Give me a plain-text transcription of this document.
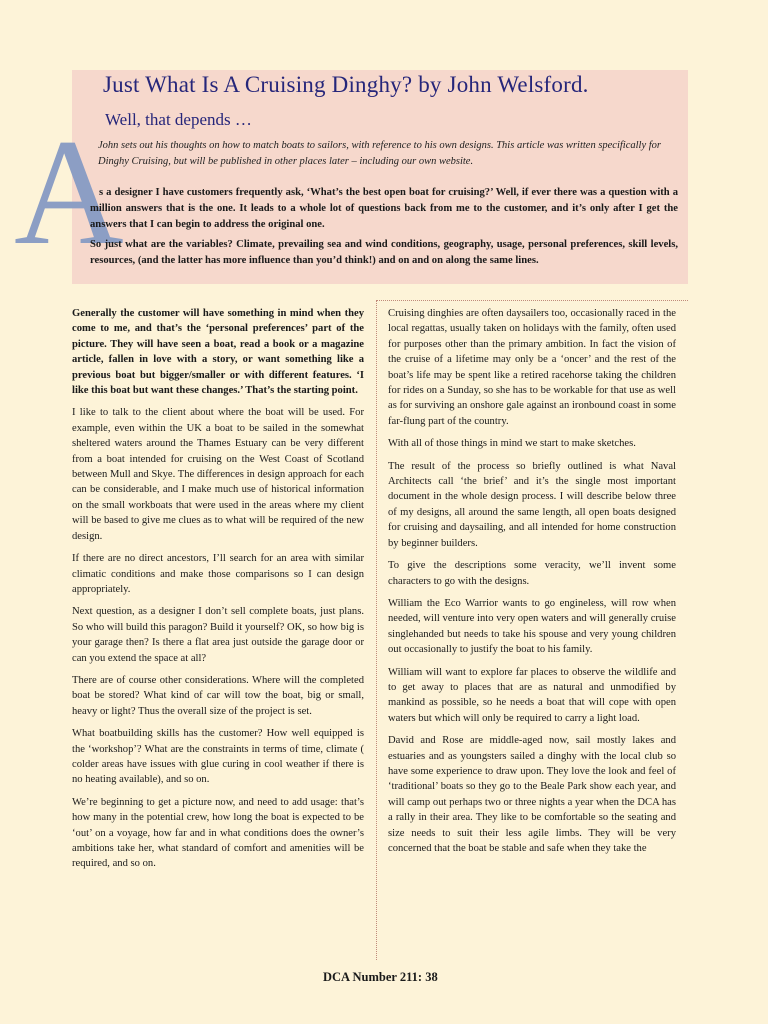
Just What Is A Cruising Dinghy? by John Welsford.
Well, that depends …
A
John sets out his thoughts on how to match boats to sailors, with reference to his own designs. This article was written specifically for Dinghy Cruising, but will be published in other places later – including our own website.

s a designer I have customers frequently ask, ‘What’s the best open boat for cruising?’ Well, if ever there was a question with a million answers that is the one. It leads to a whole lot of questions back from me to the customer, and it’s only after I get the answers that I can begin to address the original one.

So just what are the variables? Climate, prevailing sea and wind conditions, geography, usage, personal preferences, skill levels, resources, (and the latter has more influence than you’d think!) and on and on along the same lines.

Generally the customer will have something in mind when they come to me, and that’s the ‘personal preferences’ part of the picture. They will have seen a boat, read a book or a magazine article, fallen in love with a story, or want something like a previous boat but bigger/smaller or with different features. ‘I like this boat but want these changes.’ That’s the starting point.

I like to talk to the client about where the boat will be used. For example, even within the UK a boat to be sailed in the somewhat sheltered waters around the Thames Estuary can be very different from a boat intended for cruising on the West Coast of Scotland between Mull and Skye. The differences in design approach for each can be considerable, and I make much use of historical information on the small workboats that were used in the areas where my client will be based to give me clues as to what will be required of the new design.

If there are no direct ancestors, I’ll search for an area with similar climatic conditions and make those comparisons so I can design appropriately.

Next question, as a designer I don’t sell complete boats, just plans. So who will build this paragon? Build it yourself? OK, so how big is your garage then? Is there a flat area just outside the garage door or can you extend the space at all?

There are of course other considerations. Where will the completed boat be stored? What kind of car will tow the boat, big or small, heavy or light? Thus the overall size of the project is set.

What boatbuilding skills has the customer? How well equipped is the ‘workshop’? What are the constraints in terms of time, climate ( colder areas have issues with glue curing in cool weather if there is no heating available), and so on.

We’re beginning to get a picture now, and need to add usage: that’s how many in the potential crew, how long the boat is expected to be ‘out’ on a voyage, how far and in what conditions does the owner’s ambitions take her, what standard of comfort and amenities will be required, and so on.

Cruising dinghies are often daysailers too, occasionally raced in the local regattas, usually taken on holidays with the family, often used for purposes other than the primary ambition. In fact the vision of the cruise of a lifetime may only be a ‘oncer’ and the rest of the boat’s life may be spent like a retired racehorse taking the children for rides on a Sunday, so she has to be workable for that use as well as for surviving an onshore gale against an ironbound coast in some far-flung part of the country.

With all of those things in mind we start to make sketches.

The result of the process so briefly outlined is what Naval Architects call ‘the brief’ and it’s the single most important document in the whole design process. I will describe below three of my designs, all around the same length, all open boats designed for cruising and daysailing, and all intended for home construction by beginner builders.

To give the descriptions some veracity, we’ll invent some characters to go with the designs.

William the Eco Warrior wants to go engineless, will row when needed, will venture into very open waters and will generally cruise singlehanded but needs to take his spouse and very young children out occasionally to justify the boat to his family.

William will want to explore far places to observe the wildlife and to get away to places that are as natural and unmodified by mankind as possible, so he needs a boat that will cope with open waters but which will only be required to carry a light load.

David and Rose are middle-aged now, sail mostly lakes and estuaries and as youngsters sailed a dinghy with the local club so have some experience to draw upon. They love the look and feel of ‘traditional’ boats so they go to the Beale Park show each year, and will camp out perhaps two or three nights a year when the DCA has a rally in their area. They like to be comfortable so the seating and size needs to suit their less agile limbs. They will be very concerned that the boat be stable and safe when they take the

DCA Number 211: 38
